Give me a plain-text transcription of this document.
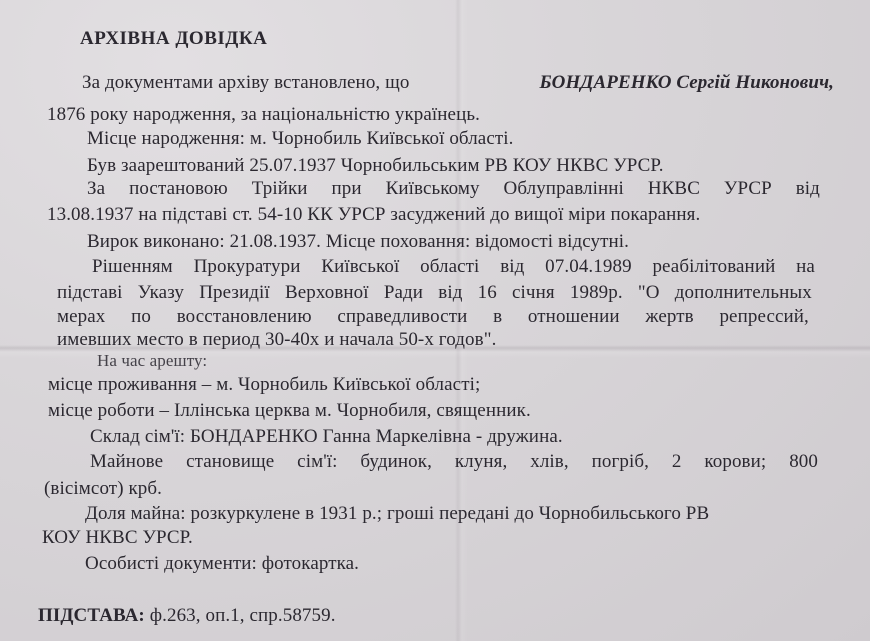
АРХІВНА ДОВІДКА
За документами архіву встановлено, що	БОНДАРЕНКО Сергій Никонович,
1876 року народження, за національністю українець.
Місце народження: м. Чорнобиль Київської області.
Був заарештований 25.07.1937 Чорнобильським РВ КОУ НКВС УРСР.
За постановою Трійки при Київському Облуправлінні НКВС УРСР від
13.08.1937 на підставі ст. 54-10 КК УРСР засуджений до вищої міри покарання.
Вирок виконано: 21.08.1937. Місце поховання: відомості відсутні.
Рішенням Прокуратури Київської області від 07.04.1989 реабілітований на
підставі Указу Президії Верховної Ради від 16 січня 1989р. "О дополнительных
мерах по восстановлению справедливости в отношении жертв репрессий,
имевших место в период 30-40х и начала 50-х годов".
На час арешту:
місце проживання – м. Чорнобиль Київської області;
місце роботи – Іллінська церква м. Чорнобиля, священник.
Склад сім'ї: БОНДАРЕНКО Ганна Маркелівна - дружина.
Майнове становище сім'ї: будинок, клуня, хлів, погріб, 2 корови; 800
(вісімсот) крб.
Доля майна: розкуркулене в 1931 р.; гроші передані до Чорнобильського РВ
КОУ НКВС УРСР.
Особисті документи: фотокартка.
ПІДСТАВА: ф.263, оп.1, спр.58759.
